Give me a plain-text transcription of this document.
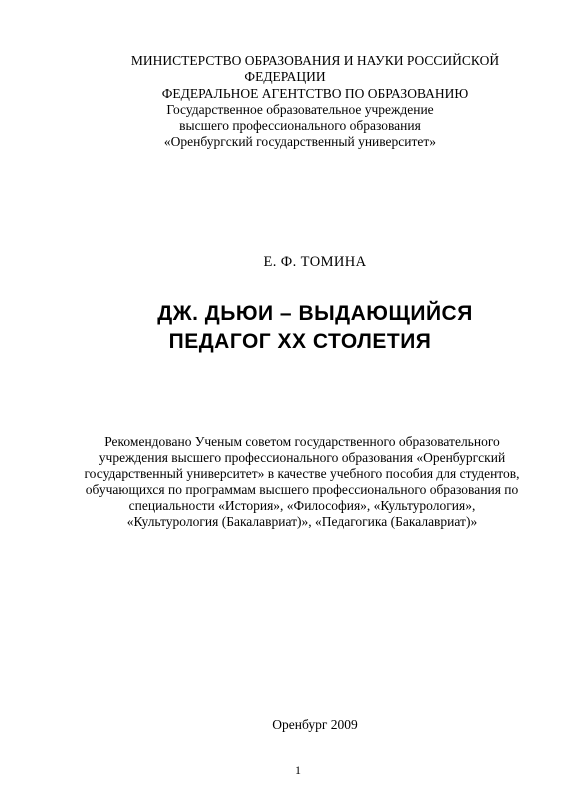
МИНИСТЕРСТВО ОБРАЗОВАНИЯ И НАУКИ РОССИЙСКОЙ

ФЕДЕРАЦИИ

ФЕДЕРАЛЬНОЕ АГЕНТСТВО ПО ОБРАЗОВАНИЮ

Государственное образовательное учреждение

высшего профессионального образования

«Оренбургский государственный университет»

Е. Ф. ТОМИНА

ДЖ. ДЬЮИ – ВЫДАЮЩИЙСЯ

ПЕДАГОГ ХХ СТОЛЕТИЯ

Рекомендовано Ученым советом государственного образовательного

учреждения высшего профессионального образования «Оренбургский

государственный университет» в качестве учебного пособия для студентов,

обучающихся по программам высшего профессионального образования по

специальности «История», «Философия», «Культурология»,

«Культурология (Бакалавриат)», «Педагогика (Бакалавриат)»

Оренбург 2009

1
